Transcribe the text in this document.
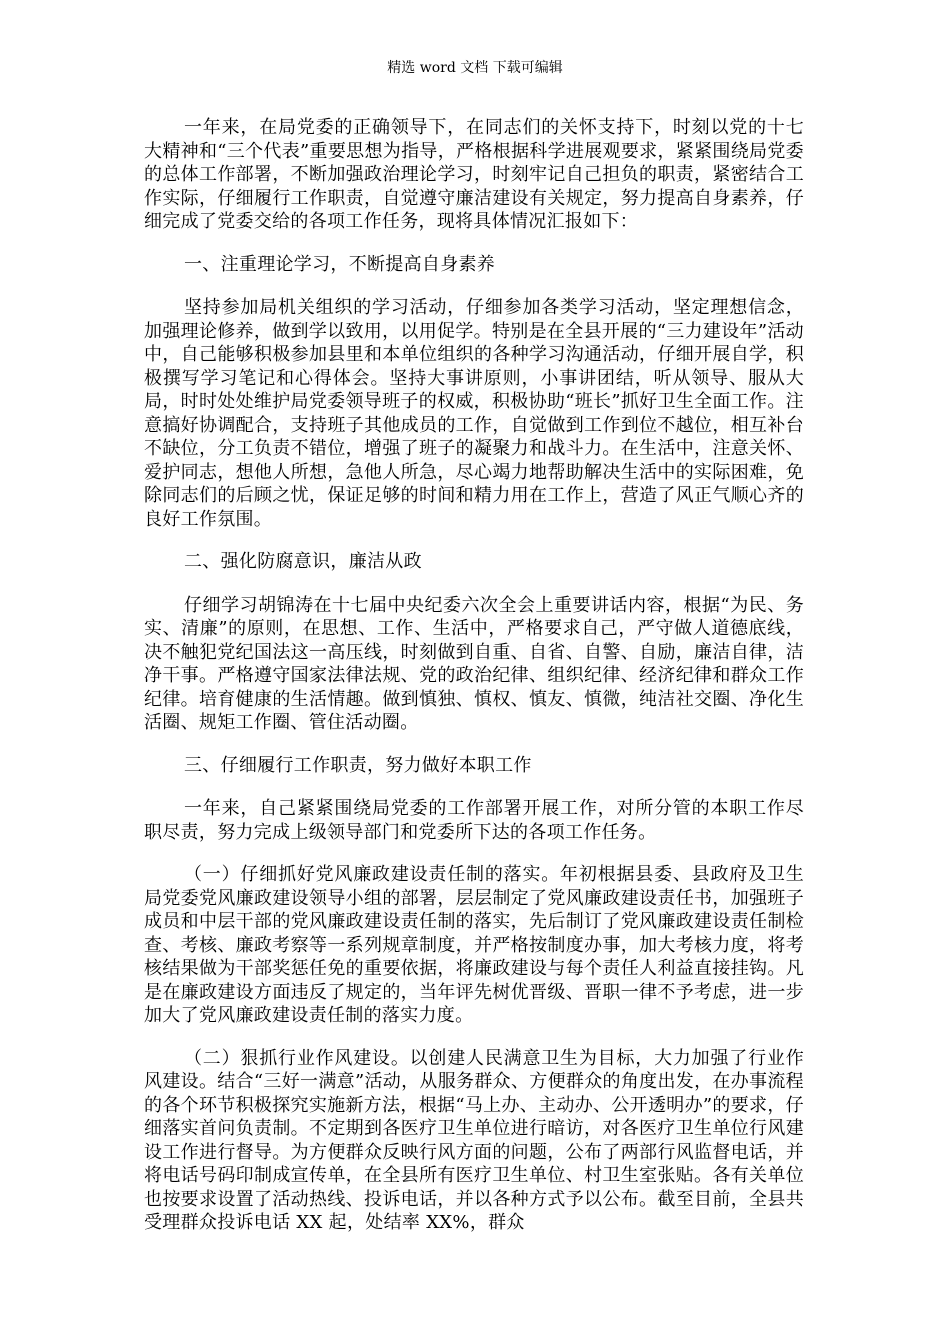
精选 word 文档 下载可编辑

一年来，在局党委的正确领导下，在同志们的关怀支持下，时刻以党的十七大精神和“三个代表”重要思想为指导，严格根据科学进展观要求，紧紧围绕局党委的总体工作部署，不断加强政治理论学习，时刻牢记自己担负的职责，紧密结合工作实际，仔细履行工作职责，自觉遵守廉洁建设有关规定，努力提高自身素养，仔细完成了党委交给的各项工作任务，现将具体情况汇报如下：

一、注重理论学习，不断提高自身素养

坚持参加局机关组织的学习活动，仔细参加各类学习活动，坚定理想信念，加强理论修养，做到学以致用，以用促学。特别是在全县开展的“三力建设年”活动中，自己能够积极参加县里和本单位组织的各种学习沟通活动，仔细开展自学，积极撰写学习笔记和心得体会。坚持大事讲原则，小事讲团结，听从领导、服从大局，时时处处维护局党委领导班子的权威，积极协助“班长”抓好卫生全面工作。注意搞好协调配合，支持班子其他成员的工作，自觉做到工作到位不越位，相互补台不缺位，分工负责不错位，增强了班子的凝聚力和战斗力。在生活中，注意关怀、爱护同志，想他人所想，急他人所急，尽心竭力地帮助解决生活中的实际困难，免除同志们的后顾之忧，保证足够的时间和精力用在工作上，营造了风正气顺心齐的良好工作氛围。

二、强化防腐意识，廉洁从政

仔细学习胡锦涛在十七届中央纪委六次全会上重要讲话内容，根据“为民、务实、清廉”的原则，在思想、工作、生活中，严格要求自己，严守做人道德底线，决不触犯党纪国法这一高压线，时刻做到自重、自省、自警、自励，廉洁自律，洁净干事。严格遵守国家法律法规、党的政治纪律、组织纪律、经济纪律和群众工作纪律。培育健康的生活情趣。做到慎独、慎权、慎友、慎微，纯洁社交圈、净化生活圈、规矩工作圈、管住活动圈。

三、仔细履行工作职责，努力做好本职工作

一年来，自己紧紧围绕局党委的工作部署开展工作，对所分管的本职工作尽职尽责，努力完成上级领导部门和党委所下达的各项工作任务。

（一）仔细抓好党风廉政建设责任制的落实。年初根据县委、县政府及卫生局党委党风廉政建设领导小组的部署，层层制定了党风廉政建设责任书，加强班子成员和中层干部的党风廉政建设责任制的落实，先后制订了党风廉政建设责任制检查、考核、廉政考察等一系列规章制度，并严格按制度办事，加大考核力度，将考核结果做为干部奖惩任免的重要依据，将廉政建设与每个责任人利益直接挂钩。凡是在廉政建设方面违反了规定的，当年评先树优晋级、晋职一律不予考虑，进一步加大了党风廉政建设责任制的落实力度。

（二）狠抓行业作风建设。以创建人民满意卫生为目标，大力加强了行业作风建设。结合“三好一满意”活动，从服务群众、方便群众的角度出发，在办事流程的各个环节积极探究实施新方法，根据“马上办、主动办、公开透明办”的要求，仔细落实首问负责制。不定期到各医疗卫生单位进行暗访，对各医疗卫生单位行风建设工作进行督导。为方便群众反映行风方面的问题，公布了两部行风监督电话，并将电话号码印制成宣传单，在全县所有医疗卫生单位、村卫生室张贴。各有关单位也按要求设置了活动热线、投诉电话，并以各种方式予以公布。截至目前，全县共受理群众投诉电话 XX 起，处结率 XX%，群众
